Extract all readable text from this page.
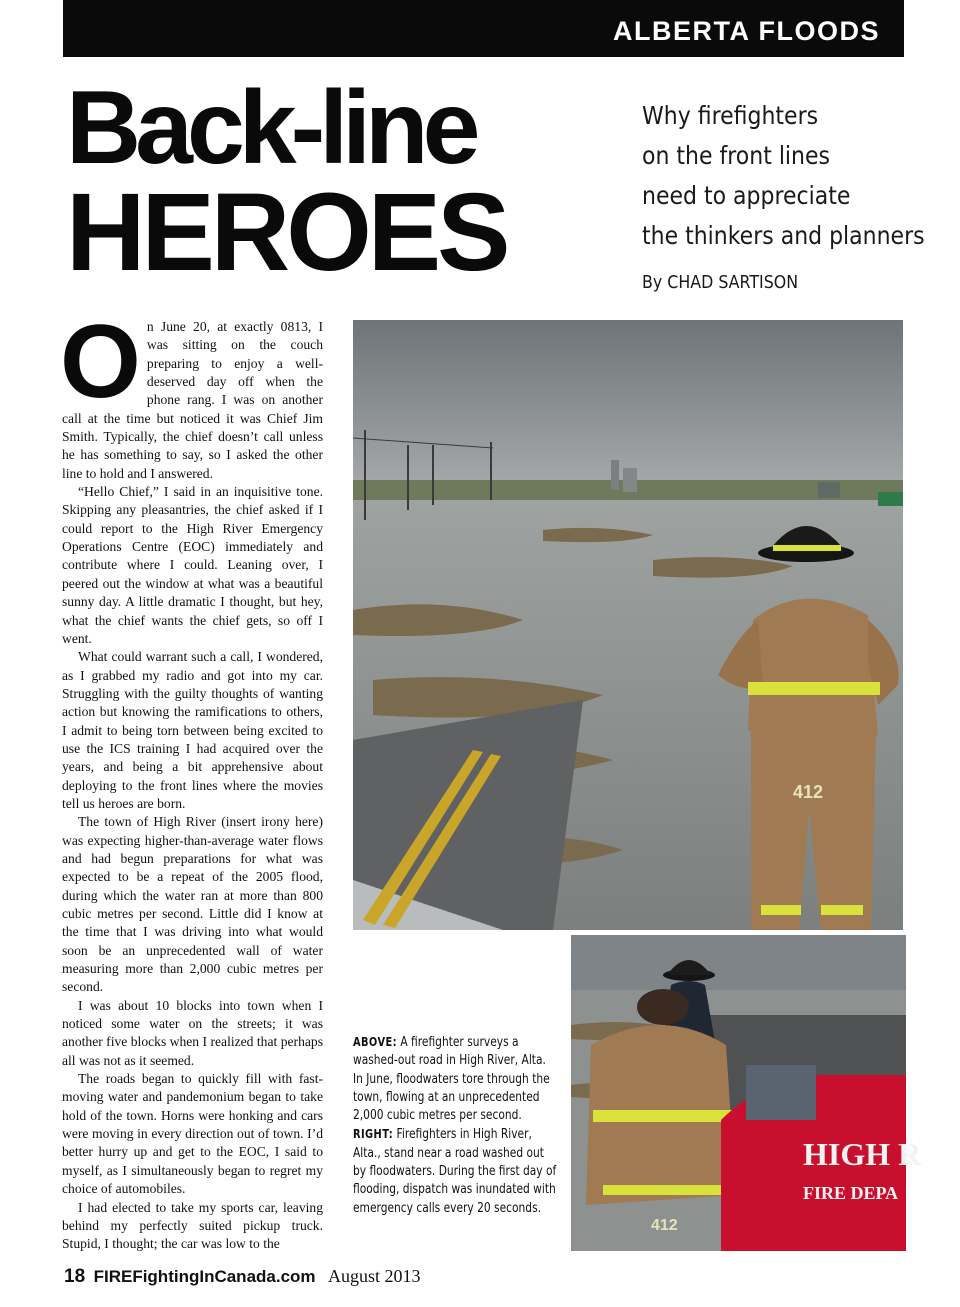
ALBERTA FLOODS
Back-line
HEROES
Why firefighters
on the front lines
need to appreciate
the thinkers and planners
By CHAD SARTISON
O n June 20, at exactly 0813, I was sitting on the couch preparing to enjoy a well-deserved day off when the phone rang. I was on another call at the time but noticed it was Chief Jim Smith. Typically, the chief doesn’t call unless he has something to say, so I asked the other line to hold and I answered.

“Hello Chief,” I said in an inquisitive tone. Skipping any pleasantries, the chief asked if I could report to the High River Emergency Operations Centre (EOC) immediately and contribute where I could. Leaning over, I peered out the window at what was a beautiful sunny day. A little dramatic I thought, but hey, what the chief wants the chief gets, so off I went.

What could warrant such a call, I wondered, as I grabbed my radio and got into my car. Struggling with the guilty thoughts of wanting action but knowing the ramifications to others, I admit to being torn between being excited to use the ICS training I had acquired over the years, and being a bit apprehensive about deploying to the front lines where the movies tell us heroes are born.

The town of High River (insert irony here) was expecting higher-than-average water flows and had begun preparations for what was expected to be a repeat of the 2005 flood, during which the water ran at more than 800 cubic metres per second. Little did I know at the time that I was driving into what would soon be an unprecedented wall of water measuring more than 2,000 cubic metres per second.

I was about 10 blocks into town when I noticed some water on the streets; it was another five blocks when I realized that perhaps all was not as it seemed.

The roads began to quickly fill with fast-moving water and pandemonium began to take hold of the town. Horns were honking and cars were moving in every direction out of town. I’d better hurry up and get to the EOC, I said to myself, as I simultaneously began to regret my choice of automobiles.

I had elected to take my sports car, leaving behind my perfectly suited pickup truck. Stupid, I thought; the car was low to the

412
412
HIGH R
FIRE DEPA

ABOVE: A firefighter surveys a washed-out road in High River, Alta. In June, floodwaters tore through the town, flowing at an unprecedented 2,000 cubic metres per second.

RIGHT: Firefighters in High River, Alta., stand near a road washed out by floodwaters. During the first day of flooding, dispatch was inundated with emergency calls every 20 seconds.

18 FIREFightingInCanada.com August 2013
